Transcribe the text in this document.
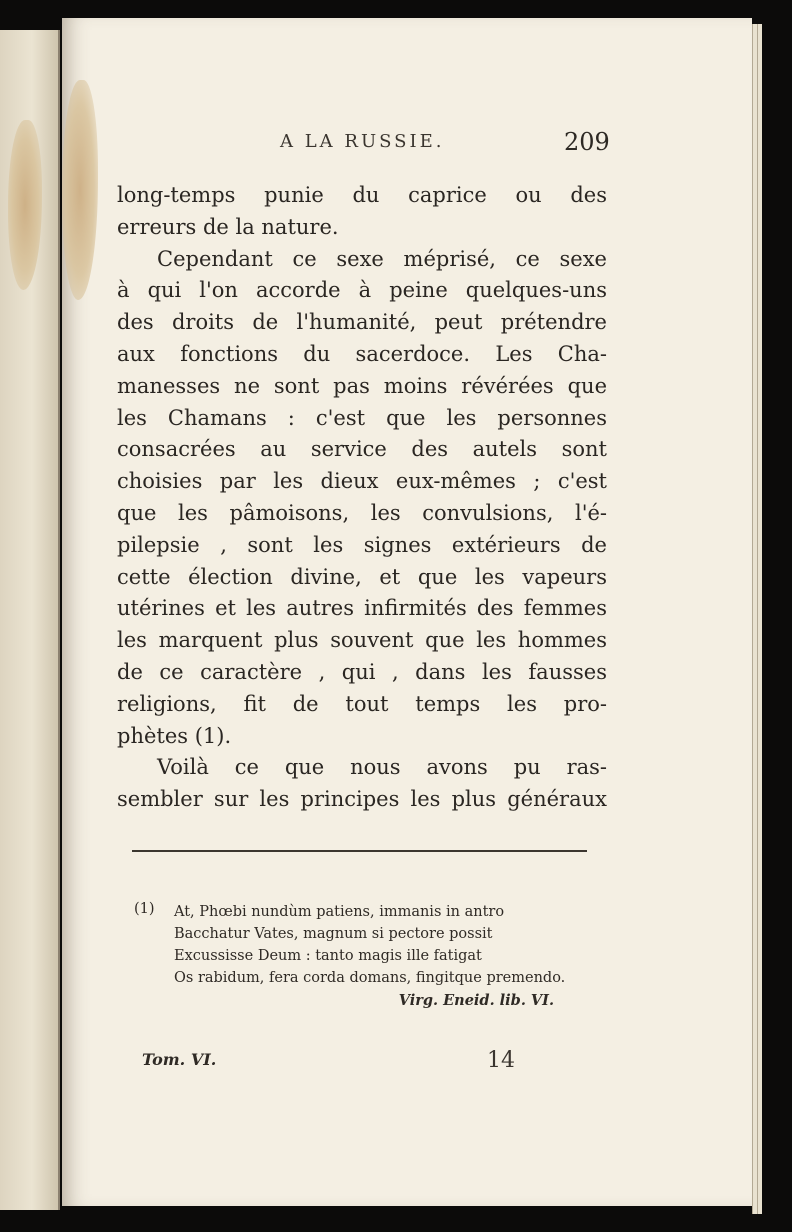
A LA RUSSIE.	209
long-temps punie du caprice ou des
erreurs de la nature.
Cependant ce sexe méprisé, ce sexe
à qui l'on accorde à peine quelques-uns
des droits de l'humanité, peut prétendre
aux fonctions du sacerdoce. Les Cha-
manesses ne sont pas moins révérées que
les Chamans : c'est que les personnes
consacrées au service des autels sont
choisies par les dieux eux-mêmes ; c'est
que les pâmoisons, les convulsions, l'é-
pilepsie , sont les signes extérieurs de
cette élection divine, et que les vapeurs
utérines et les autres infirmités des femmes
les marquent plus souvent que les hommes
de ce caractère , qui , dans les fausses
religions, fit de tout temps les pro-
phètes (1).
Voilà ce que nous avons pu ras-
sembler sur les principes les plus généraux
(1)	At, Phœbi nundùm patiens, immanis in antro
Bacchatur Vates, magnum si pectore possit
Excussisse Deum : tanto magis ille fatigat
Os rabidum, fera corda domans, fingitque premendo.
Virg. Eneid. lib. VI.
Tom. VI.	14
